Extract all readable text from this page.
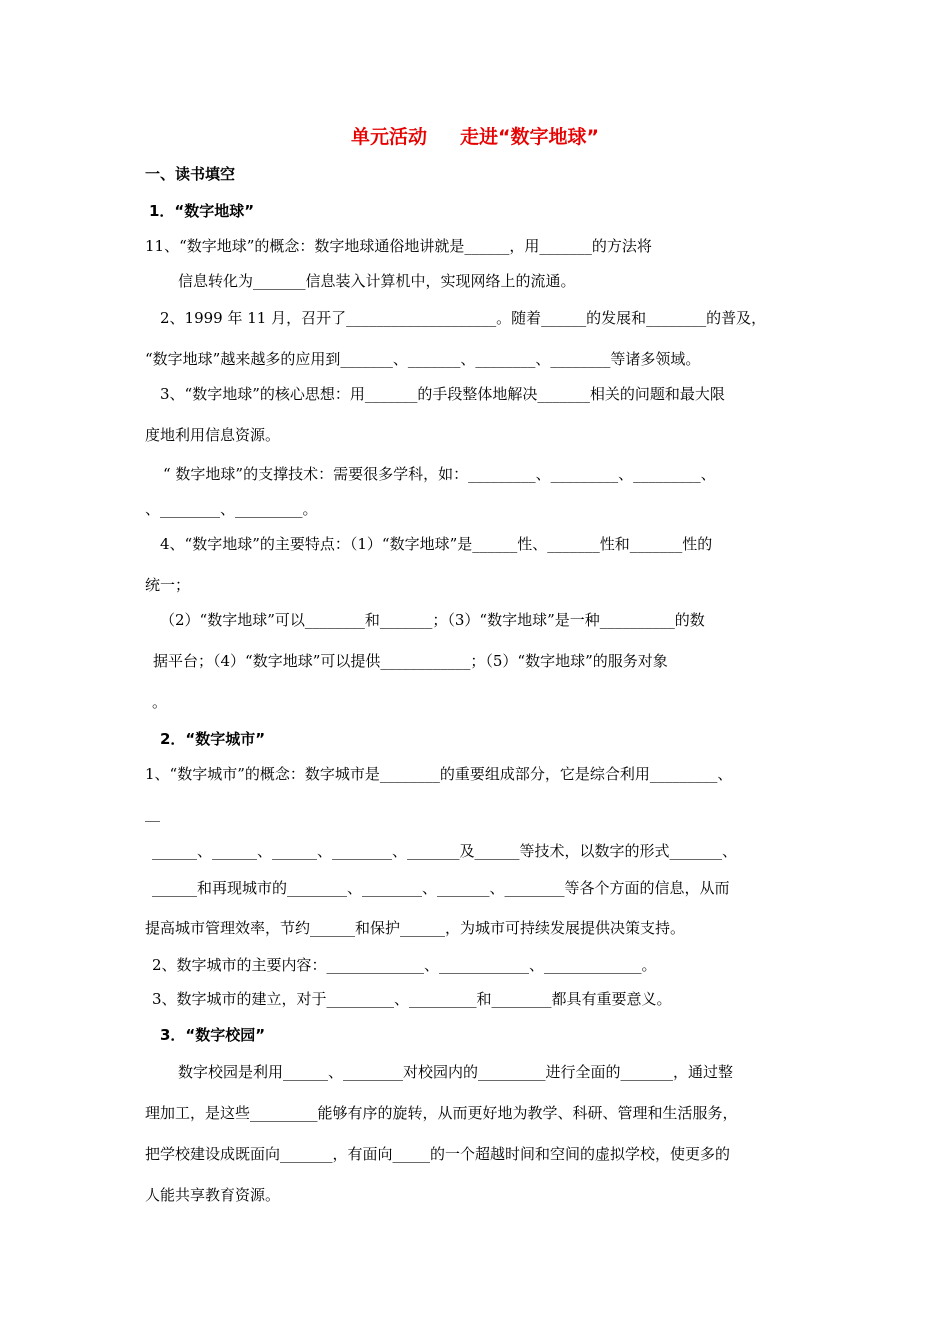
单元活动     走进“数字地球”
一、读书填空
1．“数字地球”
11、“数字地球”的概念：数字地球通俗地讲就是______，用_______的方法将
信息转化为_______信息装入计算机中，实现网络上的流通。
2、1999 年 11 月，召开了____________________。随着______的发展和________的普及，
“数字地球”越来越多的应用到_______、_______、________、________等诸多领域。
3、“数字地球”的核心思想：用_______的手段整体地解决_______相关的问题和最大限
度地利用信息资源。
“ 数字地球”的支撑技术：需要很多学科，如：_________、_________、_________、
、________、_________。
4、“数字地球”的主要特点：（1）“数字地球”是______性、_______性和_______性的
统一；
（2）“数字地球”可以________和_______；（3）“数字地球”是一种__________的数
据平台；（4）“数字地球”可以提供____________；（5）“数字地球”的服务对象
。
2．“数字城市”
1、“数字城市”的概念：数字城市是________的重要组成部分，它是综合利用_________、
__
______、______、______、________、_______及______等技术，以数字的形式_______、
______和再现城市的________、________、_______、________等各个方面的信息，从而
提高城市管理效率，节约______和保护______，为城市可持续发展提供决策支持。
2、数字城市的主要内容：_____________、____________、_____________。
3、数字城市的建立，对于_________、_________和________都具有重要意义。
3．“数字校园”
数字校园是利用______、________对校园内的_________进行全面的_______，通过整
理加工，是这些_________能够有序的旋转，从而更好地为教学、科研、管理和生活服务，
把学校建设成既面向_______，有面向_____的一个超越时间和空间的虚拟学校，使更多的
人能共享教育资源。
